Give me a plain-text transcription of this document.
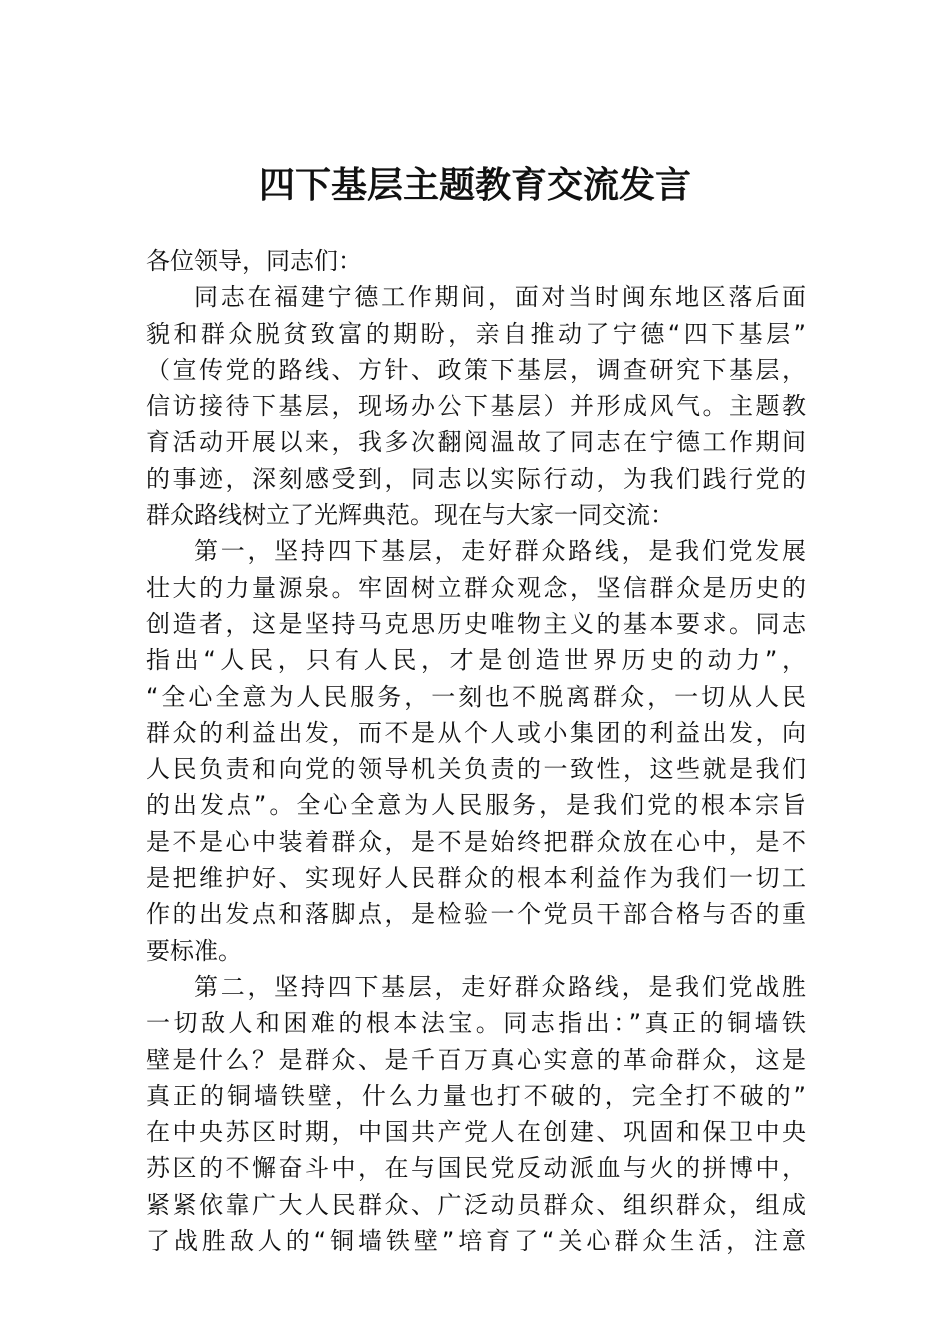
四下基层主题教育交流发言
各位领导，同志们：
同志在福建宁德工作期间，面对当时闽东地区落后面
貌和群众脱贫致富的期盼，亲自推动了宁德“四下基层”
（宣传党的路线、方针、政策下基层，调查研究下基层，
信访接待下基层，现场办公下基层）并形成风气。主题教
育活动开展以来，我多次翻阅温故了同志在宁德工作期间
的事迹，深刻感受到，同志以实际行动，为我们践行党的
群众路线树立了光辉典范。现在与大家一同交流：
第一，坚持四下基层，走好群众路线，是我们党发展
壮大的力量源泉。牢固树立群众观念，坚信群众是历史的
创造者，这是坚持马克思历史唯物主义的基本要求。同志
指出“人民，只有人民，才是创造世界历史的动力”，
“全心全意为人民服务，一刻也不脱离群众，一切从人民
群众的利益出发，而不是从个人或小集团的利益出发，向
人民负责和向党的领导机关负责的一致性，这些就是我们
的出发点”。全心全意为人民服务，是我们党的根本宗旨
是不是心中装着群众，是不是始终把群众放在心中，是不
是把维护好、实现好人民群众的根本利益作为我们一切工
作的出发点和落脚点，是检验一个党员干部合格与否的重
要标准。
第二，坚持四下基层，走好群众路线，是我们党战胜
一切敌人和困难的根本法宝。同志指出：”真正的铜墙铁
壁是什么？是群众、是千百万真心实意的革命群众，这是
真正的铜墙铁壁，什么力量也打不破的，完全打不破的”
在中央苏区时期，中国共产党人在创建、巩固和保卫中央
苏区的不懈奋斗中，在与国民党反动派血与火的拼博中，
紧紧依靠广大人民群众、广泛动员群众、组织群众，组成
了战胜敌人的“铜墙铁壁”培育了“关心群众生活，注意
